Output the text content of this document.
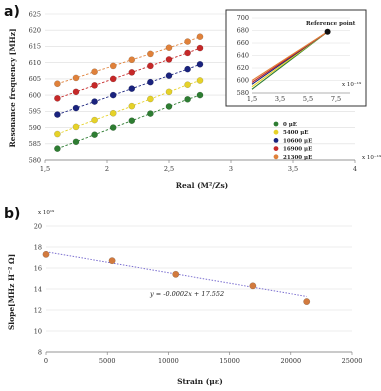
a)
b)
580
585
590
595
600
605
610
615
620
625
1,5	2	2,5	3	3,5	4
x 10⁻¹⁹
Real (M²/Zs)
Resonance frequency [MHz]	0 μE
5400 μE
10600 μE
16900 μE
21300 μE
580
600
620
640
660
680
700
1,5	3,5	5,5	7,5
Reference point
x 10⁻¹⁹
8
10
12
14
16
18
20
0	5000	10000	15000	20000	25000
x 10¹⁹
y = -0.0002x + 17.552
Strain (με)
Slope[MHz H⁻² Ω]
